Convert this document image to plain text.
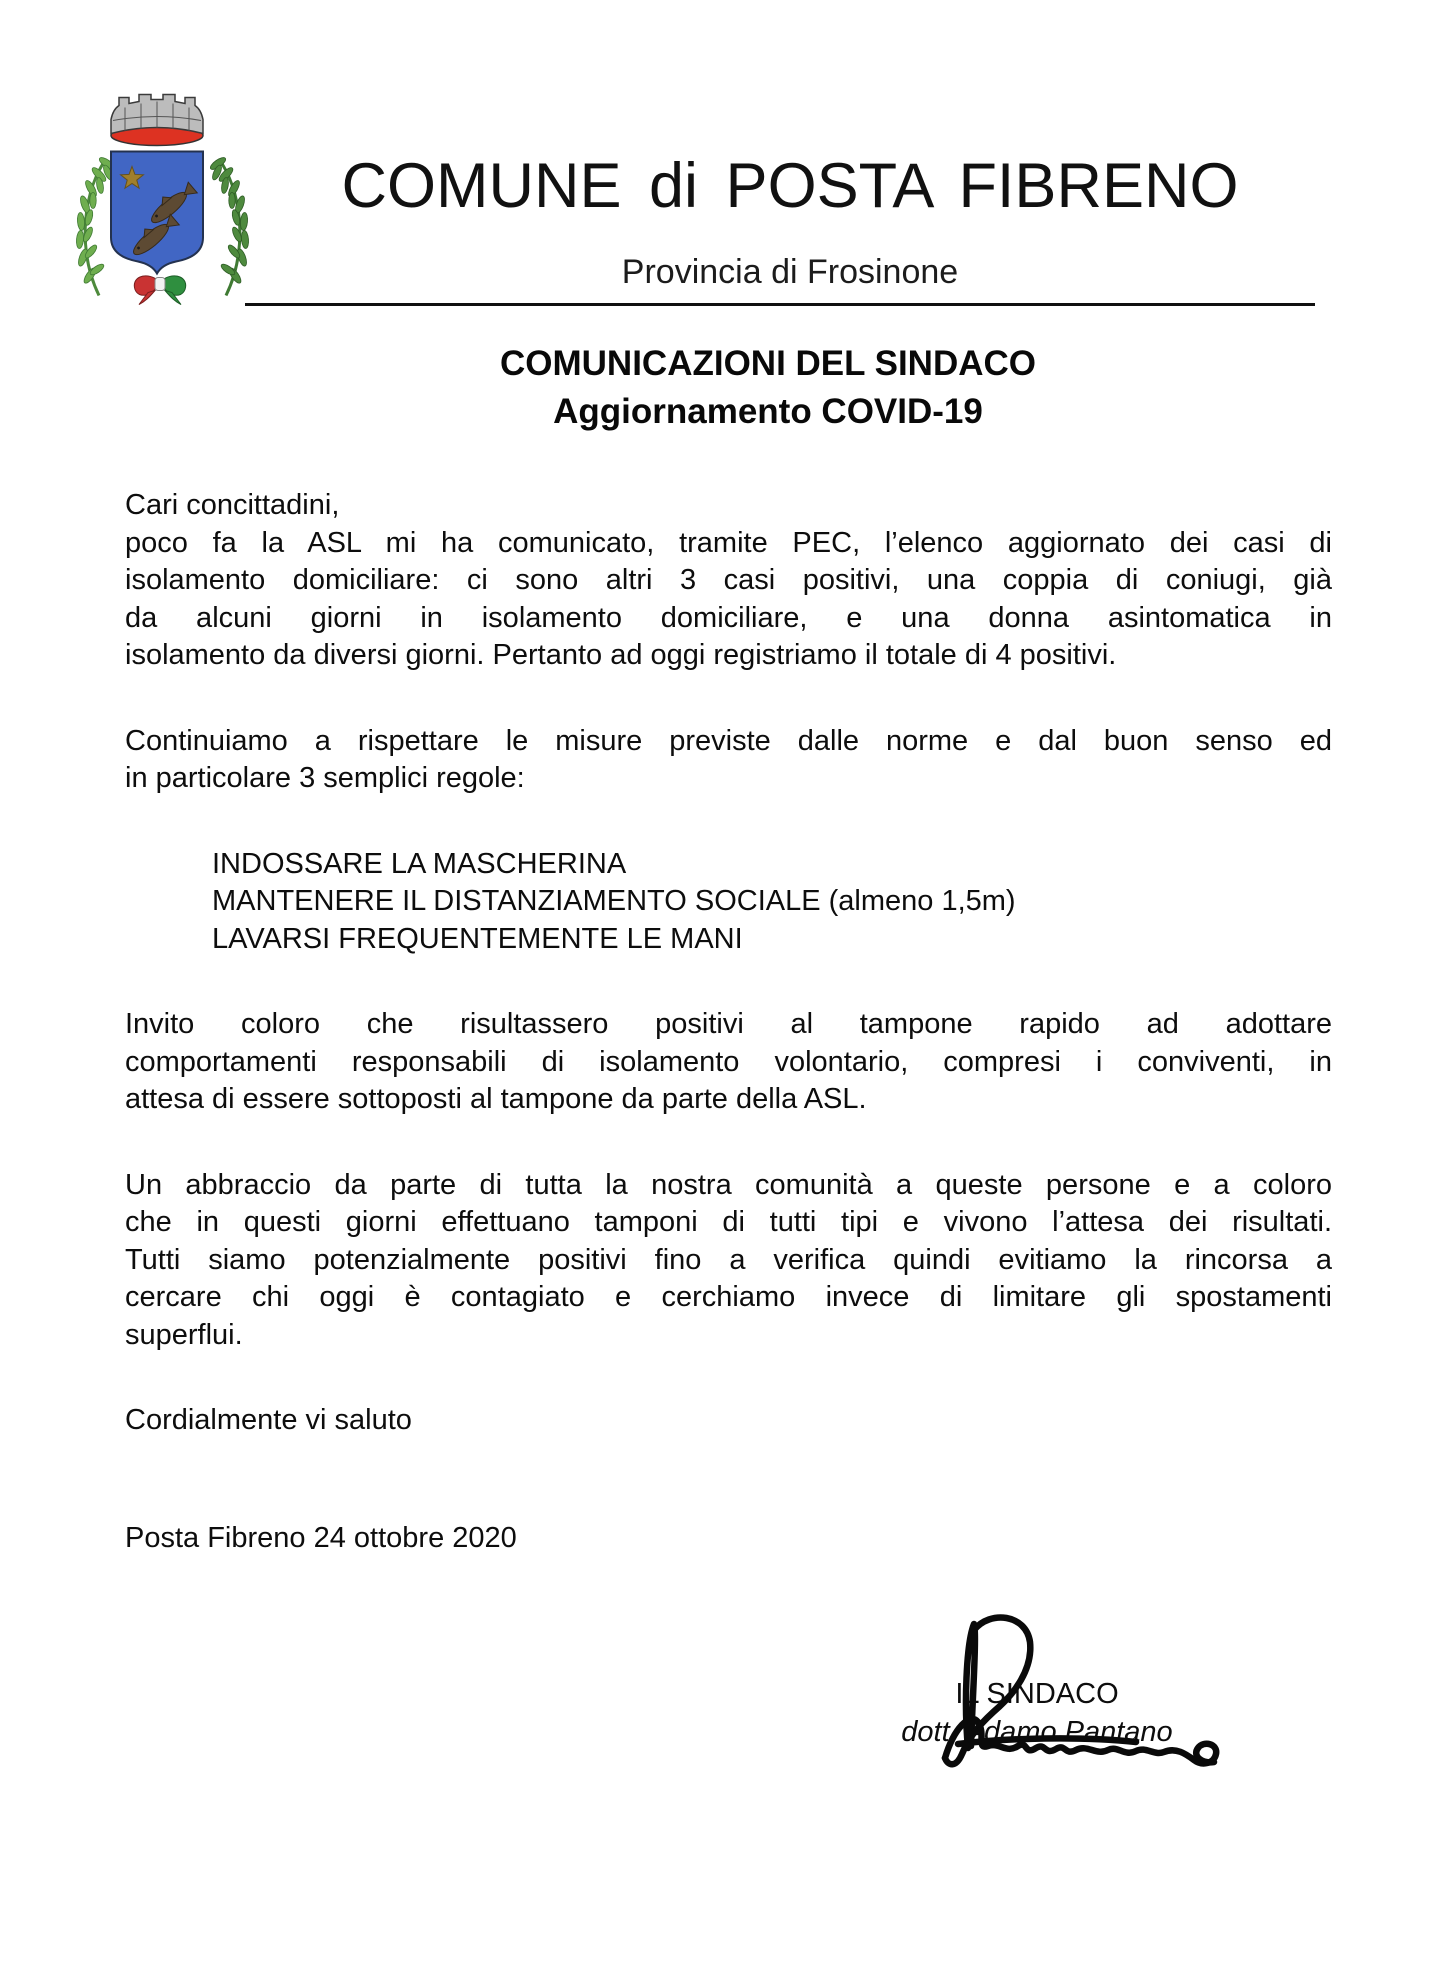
COMUNE di POSTA FIBRENO
Provincia di Frosinone
COMUNICAZIONI DEL SINDACO
Aggiornamento COVID-19
Cari concittadini,
poco fa la ASL mi ha comunicato, tramite PEC, l’elenco aggiornato dei casi di
isolamento domiciliare: ci sono altri 3 casi positivi, una coppia di coniugi, già
da alcuni giorni in isolamento domiciliare, e una donna asintomatica in
isolamento da diversi giorni. Pertanto ad oggi registriamo il totale di 4 positivi.
Continuiamo a rispettare le misure previste dalle norme e dal buon senso ed
in particolare 3 semplici regole:
INDOSSARE LA MASCHERINA
MANTENERE IL DISTANZIAMENTO SOCIALE (almeno 1,5m)
LAVARSI FREQUENTEMENTE LE MANI
Invito coloro che risultassero positivi al tampone rapido ad adottare
comportamenti responsabili di isolamento volontario, compresi i conviventi, in
attesa di essere sottoposti al tampone da parte della ASL.
Un abbraccio da parte di tutta la nostra comunità a queste persone e a coloro
che in questi giorni effettuano tamponi di tutti tipi e vivono l’attesa dei risultati.
Tutti siamo potenzialmente positivi fino a verifica quindi evitiamo la rincorsa a
cercare chi oggi è contagiato e cerchiamo invece di limitare gli spostamenti
superflui.
Cordialmente vi saluto
Posta Fibreno 24 ottobre 2020
IL SINDACO
dott. Adamo Pantano
